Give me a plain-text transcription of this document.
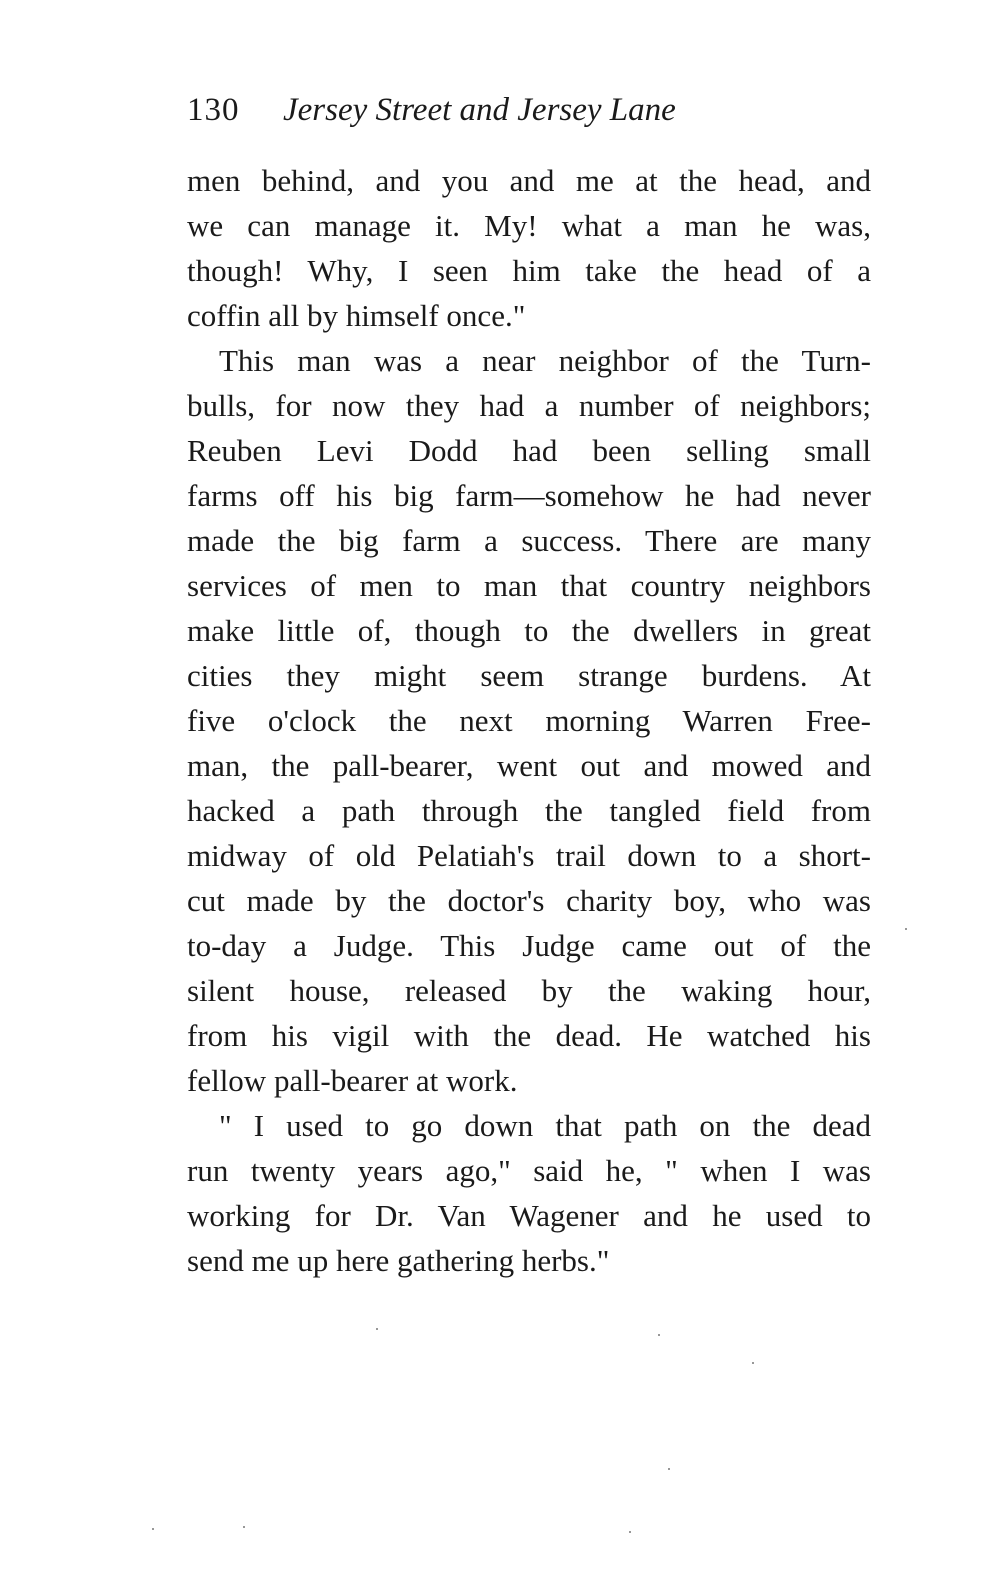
130 Jersey Street and Jersey Lane
men behind, and you and me at the head, and
we can manage it. My! what a man he was,
though! Why, I seen him take the head of a
coffin all by himself once."
This man was a near neighbor of the Turn-
bulls, for now they had a number of neighbors;
Reuben Levi Dodd had been selling small
farms off his big farm—somehow he had never
made the big farm a success. There are many
services of men to man that country neighbors
make little of, though to the dwellers in great
cities they might seem strange burdens. At
five o'clock the next morning Warren Free-
man, the pall-bearer, went out and mowed and
hacked a path through the tangled field from
midway of old Pelatiah's trail down to a short-
cut made by the doctor's charity boy, who was
to-day a Judge. This Judge came out of the
silent house, released by the waking hour,
from his vigil with the dead. He watched his
fellow pall-bearer at work.
" I used to go down that path on the dead
run twenty years ago," said he, " when I was
working for Dr. Van Wagener and he used to
send me up here gathering herbs."
